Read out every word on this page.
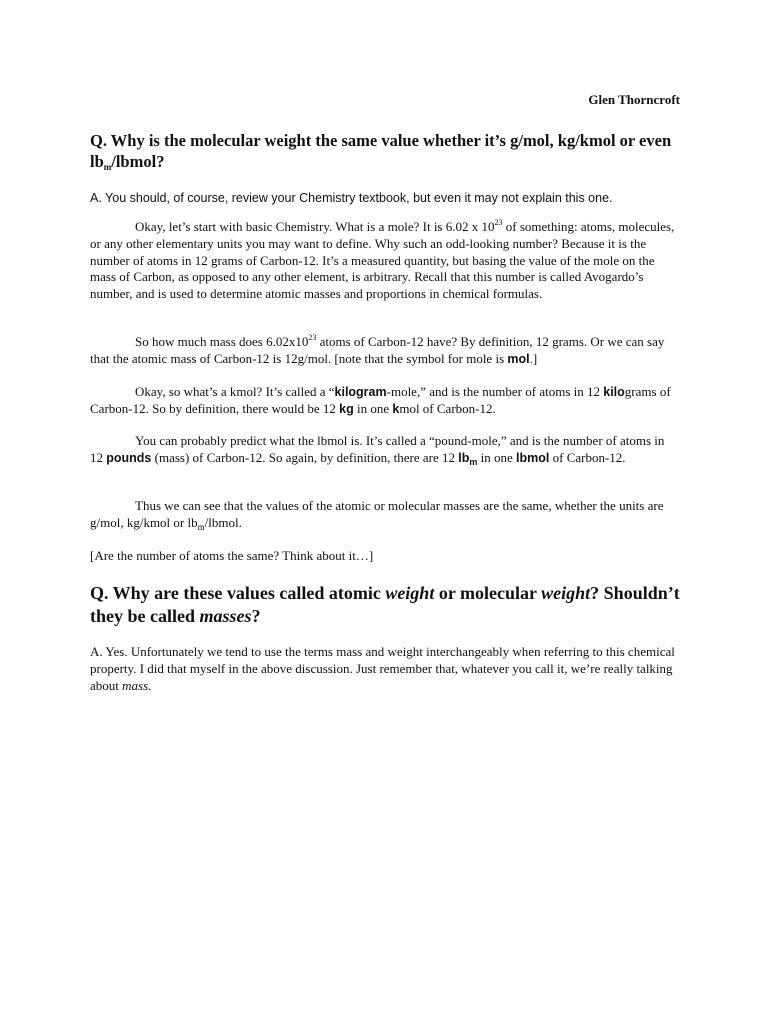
Glen Thorncroft
Q. Why is the molecular weight the same value whether it’s g/mol, kg/kmol or even $lb_m$/lbmol?

A. You should, of course, review your Chemistry textbook, but even it may not explain this one.

Okay, let’s start with basic Chemistry. What is a mole? It is 6.02 x $10^{23}$ of something: atoms, molecules, or any other elementary units you may want to define. Why such an odd-looking number? Because it is the number of atoms in 12 grams of Carbon-12. It’s a measured quantity, but basing the value of the mole on the mass of Carbon, as opposed to any other element, is arbitrary. Recall that this number is called Avogardo’s number, and is used to determine atomic masses and proportions in chemical formulas.

So how much mass does $6.02x10^{23}$ atoms of Carbon-12 have? By definition, 12 grams. Or we can say that the atomic mass of Carbon-12 is 12g/mol. [note that the symbol for mole is mol.]

Okay, so what’s a kmol? It’s called a “kilogram-mole,” and is the number of atoms in 12 kilograms of Carbon-12. So by definition, there would be 12 kg in one kmol of Carbon-12.

You can probably predict what the lbmol is. It’s called a “pound-mole,” and is the number of atoms in 12 pounds (mass) of Carbon-12. So again, by definition, there are 12 $lb_m$ in one lbmol of Carbon-12.

Thus we can see that the values of the atomic or molecular masses are the same, whether the units are g/mol, kg/kmol or $lb_m$/lbmol.

[Are the number of atoms the same? Think about it…]

Q. Why are these values called atomic weight or molecular weight? Shouldn’t they be called masses?

A. Yes. Unfortunately we tend to use the terms mass and weight interchangeably when referring to this chemical property. I did that myself in the above discussion. Just remember that, whatever you call it, we’re really talking about mass.
